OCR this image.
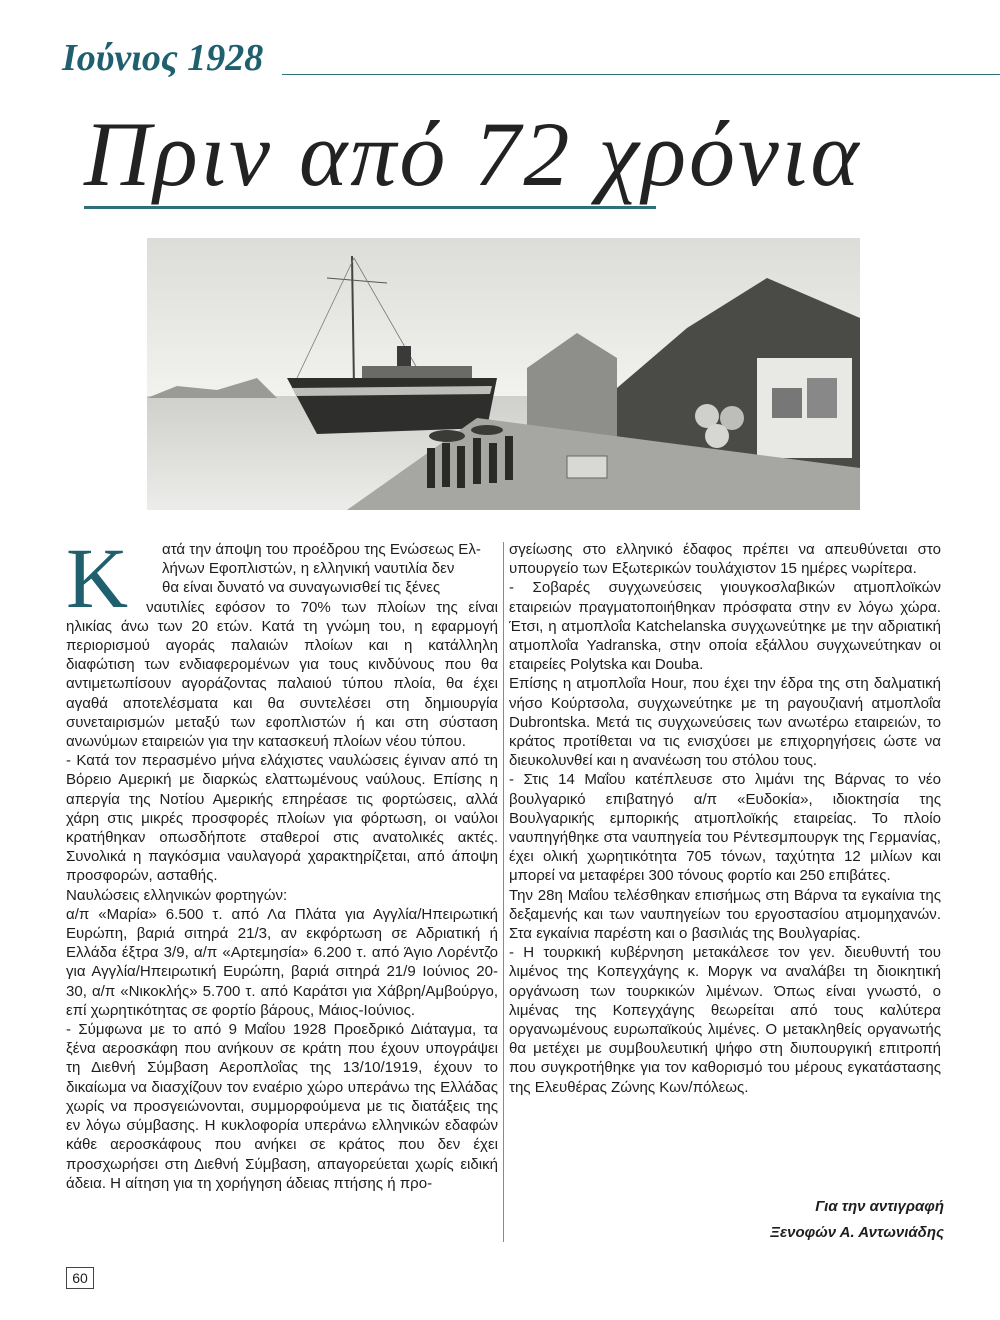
Ιούνιος 1928
Πριν από 72 χρόνια
Κ	ατά την άποψη του προέδρου της Ενώσεως Ελ-
λήνων Εφοπλιστών, η ελληνική ναυτιλία δεν
θα είναι δυνατό να συναγωνισθεί τις ξένες

ναυτιλίες εφόσον το 70% των πλοίων της είναι ηλικίας άνω των 20 ετών. Κατά τη γνώμη του, η εφαρμογή περιορισμού αγοράς παλαιών πλοίων και η κατάλληλη διαφώτιση των ενδιαφερομένων για τους κινδύνους που θα αντιμετωπίσουν αγοράζοντας παλαιού τύπου πλοία, θα έχει αγαθά αποτελέσματα και θα συντελέσει στη δημιουργία συνεταιρισμών μεταξύ των εφοπλιστών ή και στη σύσταση ανωνύμων εταιρειών για την κατασκευή πλοίων νέου τύπου.

- Κατά τον περασμένο μήνα ελάχιστες ναυλώσεις έγιναν από τη Βόρειο Αμερική με διαρκώς ελαττωμένους ναύλους. Επίσης η απεργία της Νοτίου Αμερικής επηρέασε τις φορτώσεις, αλλά χάρη στις μικρές προσφορές πλοίων για φόρτωση, οι ναύλοι κρατήθηκαν οπωσδήποτε σταθεροί στις ανατολικές ακτές. Συνολικά η παγκόσμια ναυλαγορά χαρακτηρίζεται, από άποψη προσφορών, ασταθής.

Ναυλώσεις ελληνικών φορτηγών:

α/π «Μαρία» 6.500 τ. από Λα Πλάτα για Αγγλία/Ηπειρωτική Ευρώπη, βαριά σιτηρά 21/3, αν εκφόρτωση σε Αδριατική ή Ελλάδα έξτρα 3/9, α/π «Αρτεμησία» 6.200 τ. από Άγιο Λορέντζο για Αγγλία/Ηπειρωτική Ευρώπη, βαριά σιτηρά 21/9 Ιούνιος 20-30, α/π «Νικοκλής» 5.700 τ. από Καράτσι για Χάβρη/Αμβούργο, επί χωρητικότητας σε φορτίο βάρους, Μάιος-Ιούνιος.

- Σύμφωνα με το από 9 Μαΐου 1928 Προεδρικό Διάταγμα, τα ξένα αεροσκάφη που ανήκουν σε κράτη που έχουν υπογράψει τη Διεθνή Σύμβαση Αεροπλοΐας της 13/10/1919, έχουν το δικαίωμα να διασχίζουν τον εναέριο χώρο υπεράνω της Ελλάδας χωρίς να προσγειώνονται, συμμορφούμενα με τις διατάξεις της εν λόγω σύμβασης. Η κυκλοφορία υπεράνω ελληνικών εδαφών κάθε αεροσκάφους που ανήκει σε κράτος που δεν έχει προσχωρήσει στη Διεθνή Σύμβαση, απαγορεύεται χωρίς ειδική άδεια. Η αίτηση για τη χορήγηση άδειας πτήσης ή προ-

σγείωσης στο ελληνικό έδαφος πρέπει να απευθύνεται στο υπουργείο των Εξωτερικών τουλάχιστον 15 ημέρες νωρίτερα.

- Σοβαρές συγχωνεύσεις γιουγκοσλαβικών ατμοπλοϊκών εταιρειών πραγματοποιήθηκαν πρόσφατα στην εν λόγω χώρα. Έτσι, η ατμοπλοΐα Katchelanska συγχωνεύτηκε με την αδριατική ατμοπλοΐα Yadranska, στην οποία εξάλλου συγχωνεύτηκαν οι εταιρείες Polytska και Douba.

Επίσης η ατμοπλοΐα Hour, που έχει την έδρα της στη δαλματική νήσο Κούρτσολα, συγχωνεύτηκε με τη ραγουζιανή ατμοπλοΐα Dubrontska. Μετά τις συγχωνεύσεις των ανωτέρω εταιρειών, το κράτος προτίθεται να τις ενισχύσει με επιχορηγήσεις ώστε να διευκολυνθεί και η ανανέωση του στόλου τους.

- Στις 14 Μαΐου κατέπλευσε στο λιμάνι της Βάρνας το νέο βουλγαρικό επιβατηγό α/π «Ευδοκία», ιδιοκτησία της Βουλγαρικής εμπορικής ατμοπλοϊκής εταιρείας. Το πλοίο ναυπηγήθηκε στα ναυπηγεία του Ρέντεσμπουργκ της Γερμανίας, έχει ολική χωρητικότητα 705 τόνων, ταχύτητα 12 μιλίων και μπορεί να μεταφέρει 300 τόνους φορτίο και 250 επιβάτες.

Την 28η Μαΐου τελέσθηκαν επισήμως στη Βάρνα τα εγκαίνια της δεξαμενής και των ναυπηγείων του εργοστασίου ατμομηχανών. Στα εγκαίνια παρέστη και ο βασιλιάς της Βουλγαρίας.

- Η τουρκική κυβέρνηση μετακάλεσε τον γεν. διευθυντή του λιμένος της Κοπεγχάγης κ. Μοργκ να αναλάβει τη διοικητική οργάνωση των τουρκικών λιμένων. Όπως είναι γνωστό, ο λιμένας της Κοπεγχάγης θεωρείται από τους καλύτερα οργανωμένους ευρωπαϊκούς λιμένες. Ο μετακληθείς οργανωτής θα μετέχει με συμβουλευτική ψήφο στη διυπουργική επιτροπή που συγκροτήθηκε για τον καθορισμό του μέρους εγκατάστασης της Ελευθέρας Ζώνης Κων/πόλεως.

Για την αντιγραφή
Ξενοφών Α. Αντωνιάδης
60
